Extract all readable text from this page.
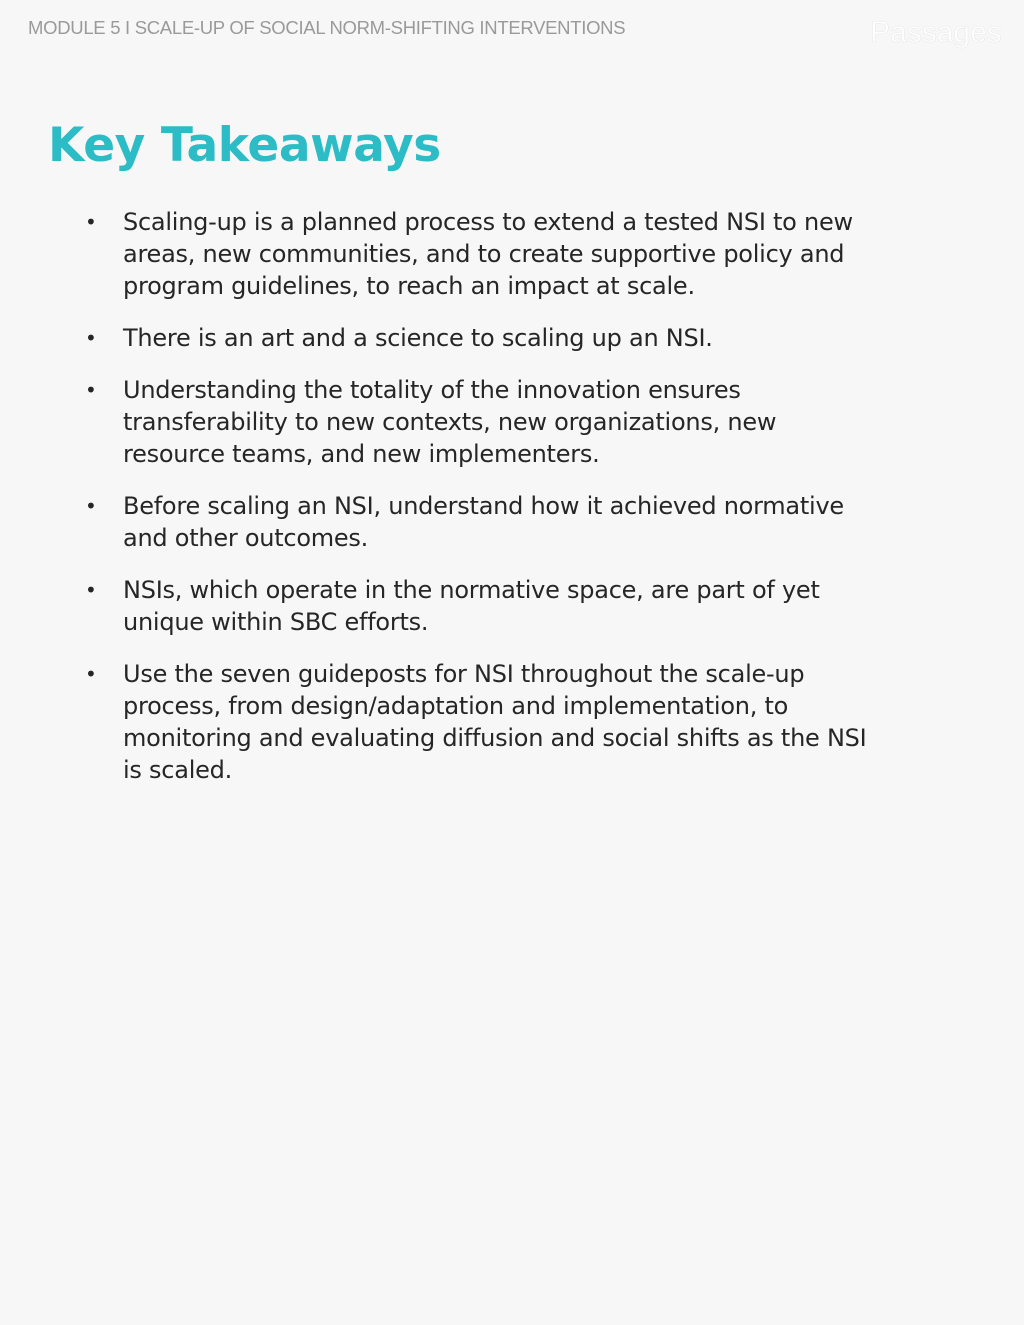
MODULE 5 I SCALE-UP OF SOCIAL NORM-SHIFTING INTERVENTIONS	Passages
Key Takeaways
• Scaling-up is a planned process to extend a tested NSI to new areas, new communities, and to create supportive policy and program guidelines, to reach an impact at scale.
• There is an art and a science to scaling up an NSI.
• Understanding the totality of the innovation ensures transferability to new contexts, new organizations, new resource teams, and new implementers.
• Before scaling an NSI, understand how it achieved normative and other outcomes.
• NSIs, which operate in the normative space, are part of yet unique within SBC efforts.
• Use the seven guideposts for NSI throughout the scale-up process, from design/adaptation and implementation, to monitoring and evaluating diffusion and social shifts as the NSI is scaled.
